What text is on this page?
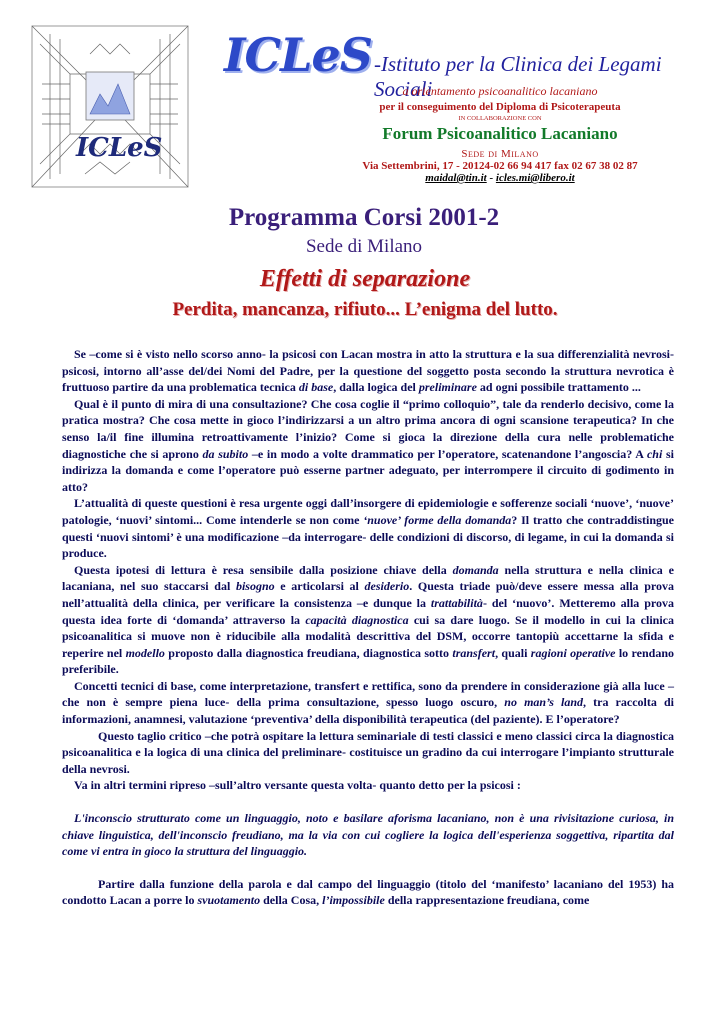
ICLeS
ICLeS -Istituto per la Clinica dei Legami Sociali
a orientamento psicoanalitico lacaniano
per il conseguimento del Diploma di Psicoterapeuta
IN COLLABORAZIONE CON
Forum Psicoanalitico Lacaniano
Sede di Milano
Via Settembrini, 17 - 20124-02 66 94 417 fax 02 67 38 02 87
maidal@tin.it - icles.mi@libero.it
Programma Corsi 2001-2
Sede di Milano
Effetti di separazione
Perdita, mancanza, rifiuto... L’enigma del lutto.

Se –come si è visto nello scorso anno- la psicosi con Lacan mostra in atto la struttura e la sua differenzialità nevrosi-psicosi, intorno all’asse del/dei Nomi del Padre, per la questione del soggetto posta secondo la struttura nevrotica è fruttuoso partire da una problematica tecnica di base, dalla logica del preliminare ad ogni possibile trattamento ...

Qual è il punto di mira di una consultazione? Che cosa coglie il “primo colloquio”, tale da renderlo decisivo, come la pratica mostra? Che cosa mette in gioco l’indirizzarsi a un altro prima ancora di ogni scansione terapeutica? In che senso la/il fine illumina retroattivamente l’inizio? Come si gioca la direzione della cura nelle problematiche diagnostiche che si aprono da subito –e in modo a volte drammatico per l’operatore, scatenandone l’angoscia? A chi si indirizza la domanda e come l’operatore può esserne partner adeguato, per interrompere il circuito di godimento in atto?

L’attualità di queste questioni è resa urgente oggi dall’insorgere di epidemiologie e sofferenze sociali ‘nuove’, ‘nuove’ patologie, ‘nuovi’ sintomi... Come intenderle se non come ‘nuove’ forme della domanda? Il tratto che contraddistingue questi ‘nuovi sintomi’ è una modificazione –da interrogare- delle condizioni di discorso, di legame, in cui la domanda si produce.

Questa ipotesi di lettura è resa sensibile dalla posizione chiave della domanda nella struttura e nella clinica e lacaniana, nel suo staccarsi dal bisogno e articolarsi al desiderio. Questa triade può/deve essere messa alla prova nell’attualità della clinica, per verificare la consistenza –e dunque la trattabilità- del ‘nuovo’. Metteremo alla prova questa idea forte di ‘domanda’ attraverso la capacità diagnostica cui sa dare luogo. Se il modello in cui la clinica psicoanalitica si muove non è riducibile alla modalità descrittiva del DSM, occorre tantopiù accettarne la sfida e reperire nel modello proposto dalla diagnostica freudiana, diagnostica sotto transfert, quali ragioni operative lo rendano preferibile.

Concetti tecnici di base, come interpretazione, transfert e rettifica, sono da prendere in considerazione già alla luce –che non è sempre piena luce- della prima consultazione, spesso luogo oscuro, no man’s land, tra raccolta di informazioni, anamnesi, valutazione ‘preventiva’ della disponibilità terapeutica (del paziente). E l’operatore?

Questo taglio critico –che potrà ospitare la lettura seminariale di testi classici e meno classici circa la diagnostica psicoanalitica e la logica di una clinica del preliminare- costituisce un gradino da cui interrogare l’impianto strutturale della nevrosi.

Va in altri termini ripreso –sull’altro versante questa volta- quanto detto per la psicosi :

L'inconscio strutturato come un linguaggio, noto e basilare aforisma lacaniano, non è una rivisitazione curiosa, in chiave linguistica, dell'inconscio freudiano, ma la via con cui cogliere la logica dell'esperienza soggettiva, ripartita dal come vi entra in gioco la struttura del linguaggio.

Partire dalla funzione della parola e dal campo del linguaggio (titolo del ‘manifesto’ lacaniano del 1953) ha condotto Lacan a porre lo svuotamento della Cosa, l’impossibile della rappresentazione freudiana, come
